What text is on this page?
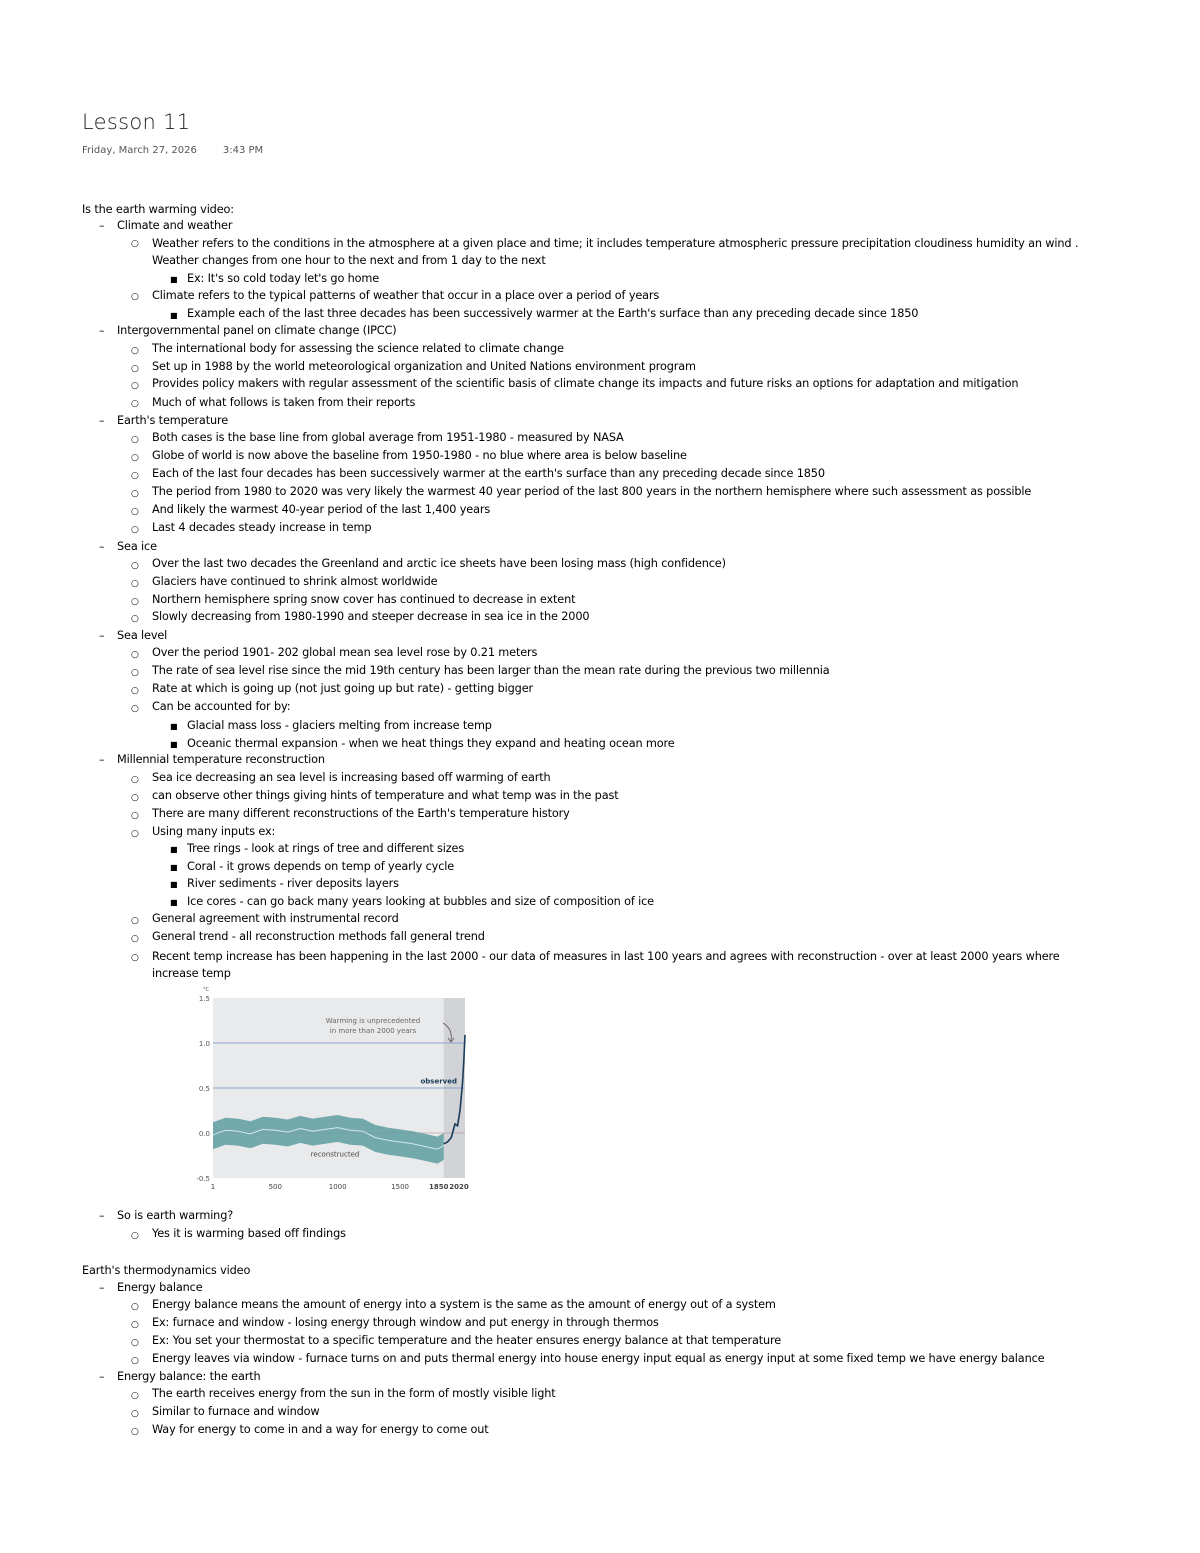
Lesson 11
Friday, March 27, 2026	3:43 PM
Is the earth warming video:
– Climate and weather
○ Weather refers to the conditions in the atmosphere at a given place and time; it includes temperature atmospheric pressure precipitation cloudiness humidity an wind . Weather changes from one hour to the next and from 1 day to the next
■ Ex: It's so cold today let's go home
○ Climate refers to the typical patterns of weather that occur in a place over a period of years
■ Example each of the last three decades has been successively warmer at the Earth's surface than any preceding decade since 1850
– Intergovernmental panel on climate change (IPCC)
○ The international body for assessing the science related to climate change
○ Set up in 1988 by the world meteorological organization and United Nations environment program
○ Provides policy makers with regular assessment of the scientific basis of climate change its impacts and future risks an options for adaptation and mitigation
○ Much of what follows is taken from their reports
– Earth's temperature
○ Both cases is the base line from global average from 1951-1980 - measured by NASA
○ Globe of world is now above the baseline from 1950-1980 - no blue where area is below baseline
○ Each of the last four decades has been successively warmer at the earth's surface than any preceding decade since 1850
○ The period from 1980 to 2020 was very likely the warmest 40 year period of the last 800 years in the northern hemisphere where such assessment as possible
○ And likely the warmest 40-year period of the last 1,400 years
○ Last 4 decades steady increase in temp
– Sea ice
○ Over the last two decades the Greenland and arctic ice sheets have been losing mass (high confidence)
○ Glaciers have continued to shrink almost worldwide
○ Northern hemisphere spring snow cover has continued to decrease in extent
○ Slowly decreasing from 1980-1990 and steeper decrease in sea ice in the 2000
– Sea level
○ Over the period 1901- 202 global mean sea level rose by 0.21 meters
○ The rate of sea level rise since the mid 19th century has been larger than the mean rate during the previous two millennia
○ Rate at which is going up (not just going up but rate) - getting bigger
○ Can be accounted for by:
■ Glacial mass loss - glaciers melting from increase temp
■ Oceanic thermal expansion - when we heat things they expand and heating ocean more
– Millennial temperature reconstruction
○ Sea ice decreasing an sea level is increasing based off warming of earth
○ can observe other things giving hints of temperature and what temp was in the past
○ There are many different reconstructions of the Earth's temperature history
○ Using many inputs ex:
■ Tree rings - look at rings of tree and different sizes
■ Coral - it grows depends on temp of yearly cycle
■ River sediments - river deposits layers
■ Ice cores - can go back many years looking at bubbles and size of composition of ice
○ General agreement with instrumental record
○ General trend - all reconstruction methods fall general trend
○ Recent temp increase has been happening in the last 2000 - our data of measures in last 100 years and agrees with reconstruction - over at least 2000 years where increase temp
-0.5
0.0
0.5
1.0
1.5
1	500	1000	1500	1850 2020
°C
observed
reconstructed
Warming is unprecedented
in more than 2000 years
– So is earth warming?
○ Yes it is warming based off findings
Earth's thermodynamics video
– Energy balance
○ Energy balance means the amount of energy into a system is the same as the amount of energy out of a system
○ Ex: furnace and window - losing energy through window and put energy in through thermos
○ Ex: You set your thermostat to a specific temperature and the heater ensures energy balance at that temperature
○ Energy leaves via window - furnace turns on and puts thermal energy into house energy input equal as energy input at some fixed temp we have energy balance
– Energy balance: the earth
○ The earth receives energy from the sun in the form of mostly visible light
○ Similar to furnace and window
○ Way for energy to come in and a way for energy to come out
